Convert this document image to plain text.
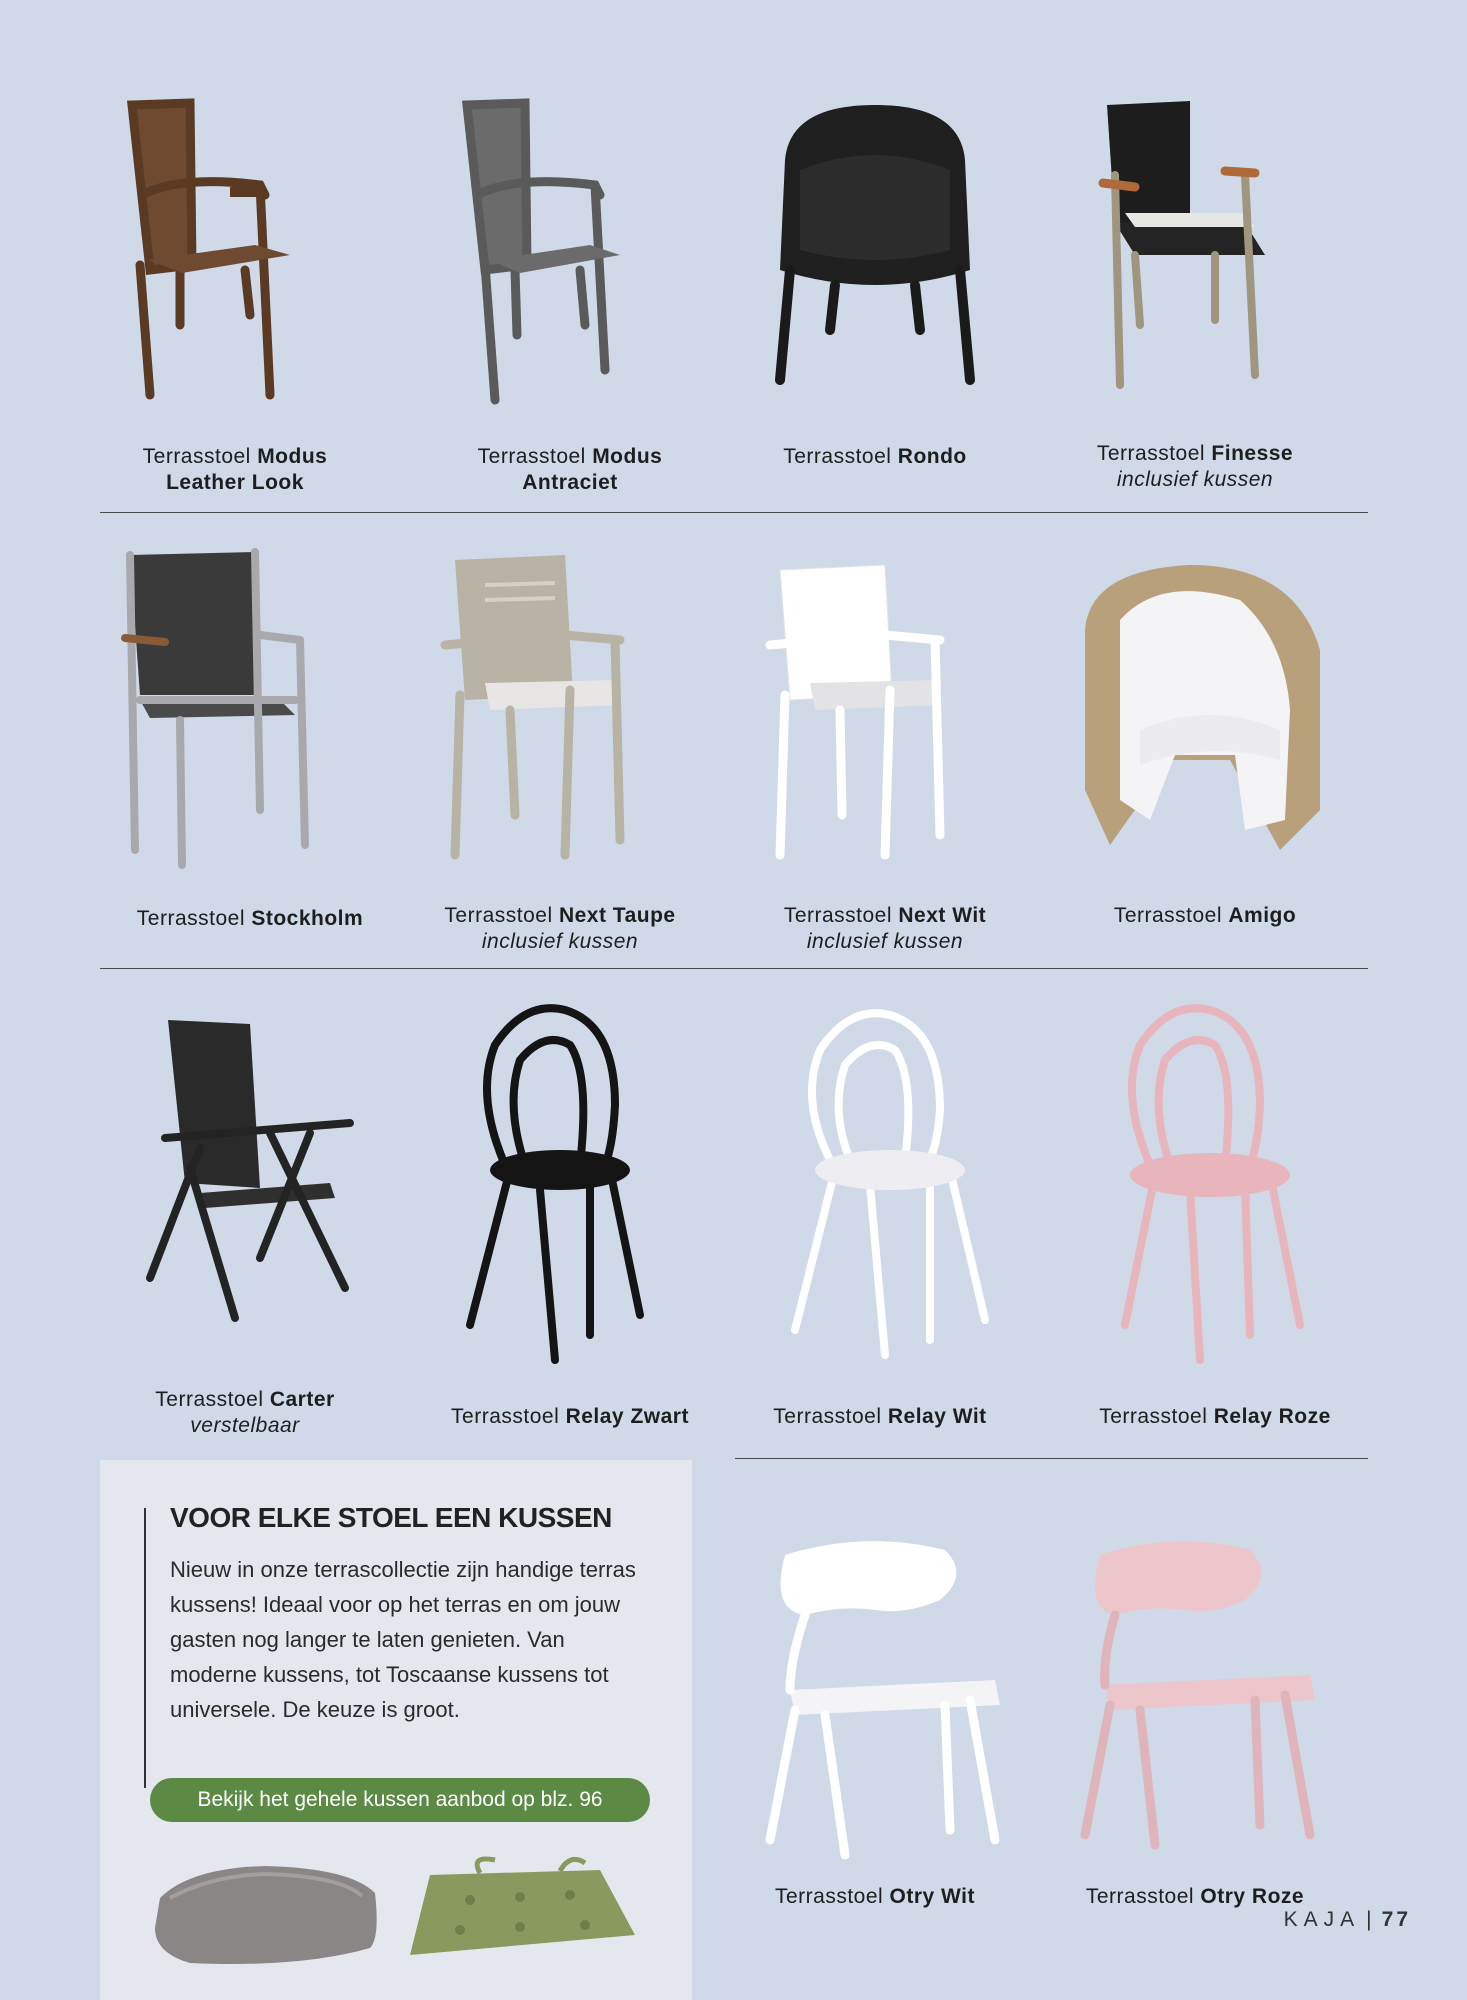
Terrasstoel Modus
Leather Look
Terrasstoel Modus
Antraciet
Terrasstoel Rondo	Terrasstoel Finesse
inclusief kussen
Terrasstoel Stockholm	Terrasstoel Next Taupe
inclusief kussen
Terrasstoel Next Wit
inclusief kussen
Terrasstoel Amigo
Terrasstoel Carter
verstelbaar	Terrasstoel Relay Zwart	Terrasstoel Relay Wit	Terrasstoel Relay Roze
VOOR ELKE STOEL EEN KUSSEN

Nieuw in onze terrascollectie zijn handige terras kussens! Ideaal voor op het terras en om jouw gasten nog langer te laten genieten. Van moderne kussens, tot Toscaanse kussens tot universele. De keuze is groot.

Bekijk het gehele kussen aanbod op blz. 96
Terrasstoel Otry Wit	Terrasstoel Otry Roze
KAJA | 77
